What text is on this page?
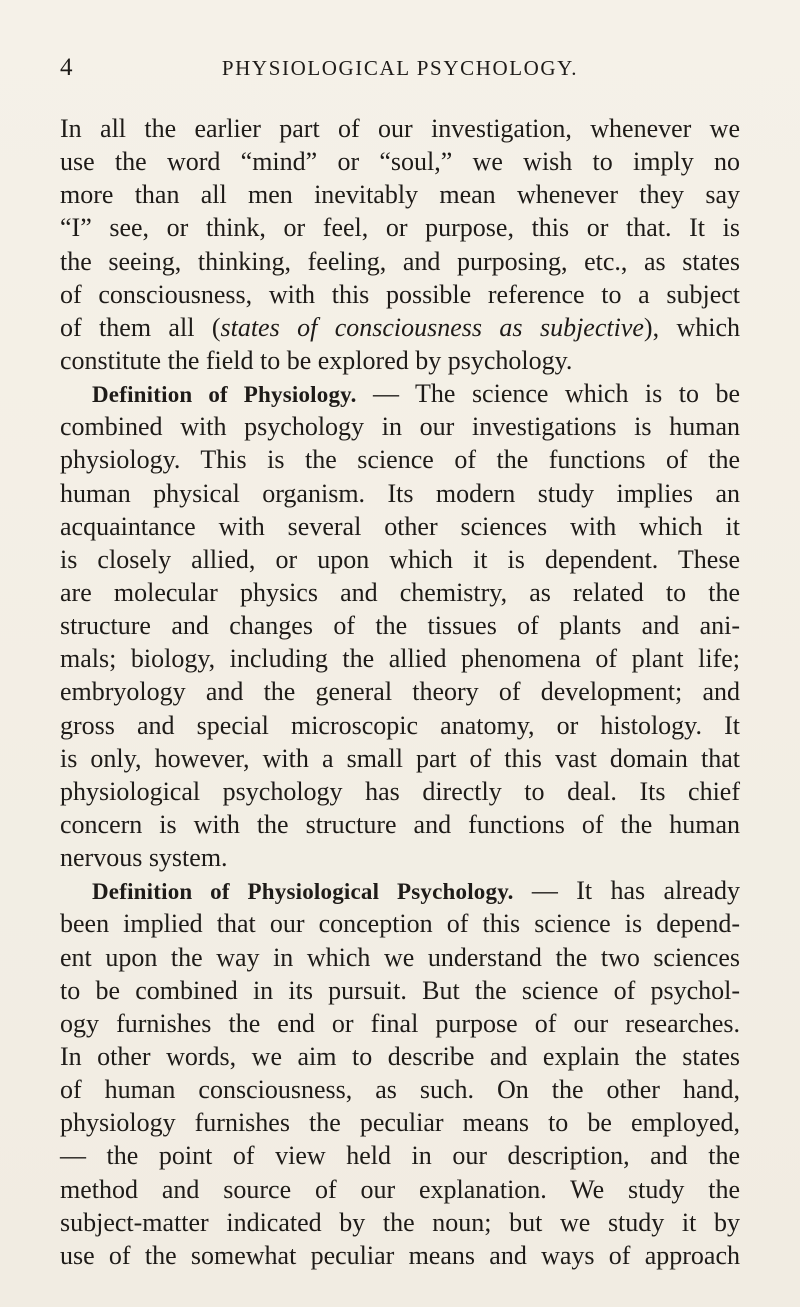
4	PHYSIOLOGICAL PSYCHOLOGY.
In all the earlier part of our investigation, whenever we
use the word “mind” or “soul,” we wish to imply no
more than all men inevitably mean whenever they say
“I” see, or think, or feel, or purpose, this or that. It is
the seeing, thinking, feeling, and purposing, etc., as states
of consciousness, with this possible reference to a subject
of them all (states of consciousness as subjective), which
constitute the field to be explored by psychology.
Definition of Physiology. — The science which is to be
combined with psychology in our investigations is human
physiology. This is the science of the functions of the
human physical organism. Its modern study implies an
acquaintance with several other sciences with which it
is closely allied, or upon which it is dependent. These
are molecular physics and chemistry, as related to the
structure and changes of the tissues of plants and ani-
mals; biology, including the allied phenomena of plant life;
embryology and the general theory of development; and
gross and special microscopic anatomy, or histology. It
is only, however, with a small part of this vast domain that
physiological psychology has directly to deal. Its chief
concern is with the structure and functions of the human
nervous system.
Definition of Physiological Psychology. — It has already
been implied that our conception of this science is depend-
ent upon the way in which we understand the two sciences
to be combined in its pursuit. But the science of psychol-
ogy furnishes the end or final purpose of our researches.
In other words, we aim to describe and explain the states
of human consciousness, as such. On the other hand,
physiology furnishes the peculiar means to be employed,
— the point of view held in our description, and the
method and source of our explanation. We study the
subject-matter indicated by the noun; but we study it by
use of the somewhat peculiar means and ways of approach
